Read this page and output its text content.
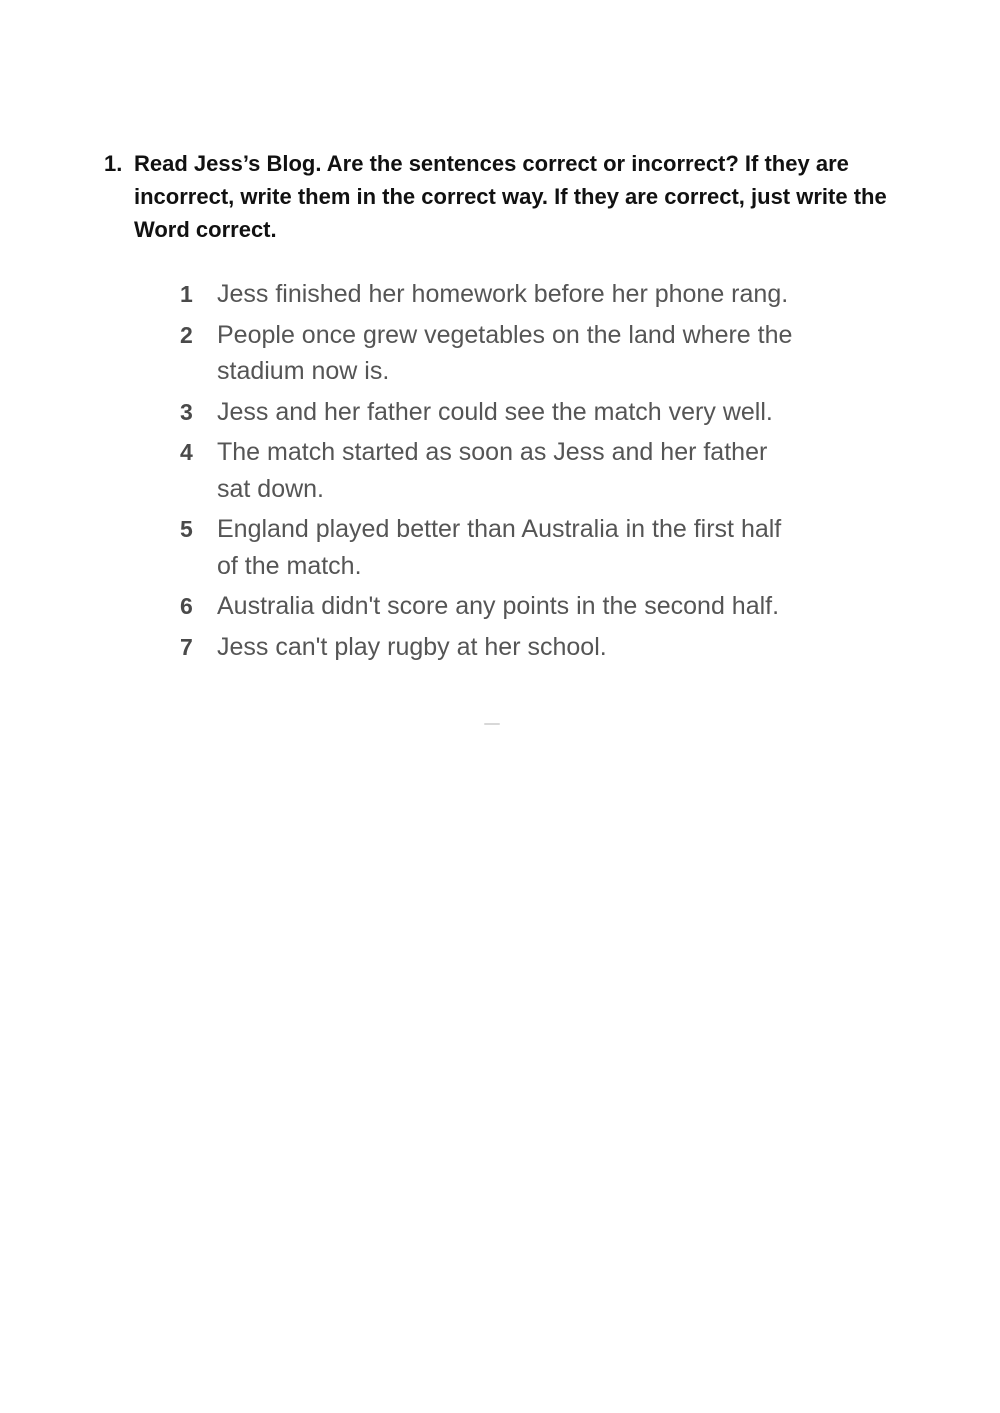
1. Read Jess’s Blog. Are the sentences correct or incorrect? If they are incorrect, write them in the correct way. If they are correct, just write the Word correct.
1 Jess finished her homework before her phone rang.
2 People once grew vegetables on the land where the stadium now is.
3 Jess and her father could see the match very well.
4 The match started as soon as Jess and her father sat down.
5 England played better than Australia in the first half of the match.
6 Australia didn't score any points in the second half.
7 Jess can't play rugby at her school.
